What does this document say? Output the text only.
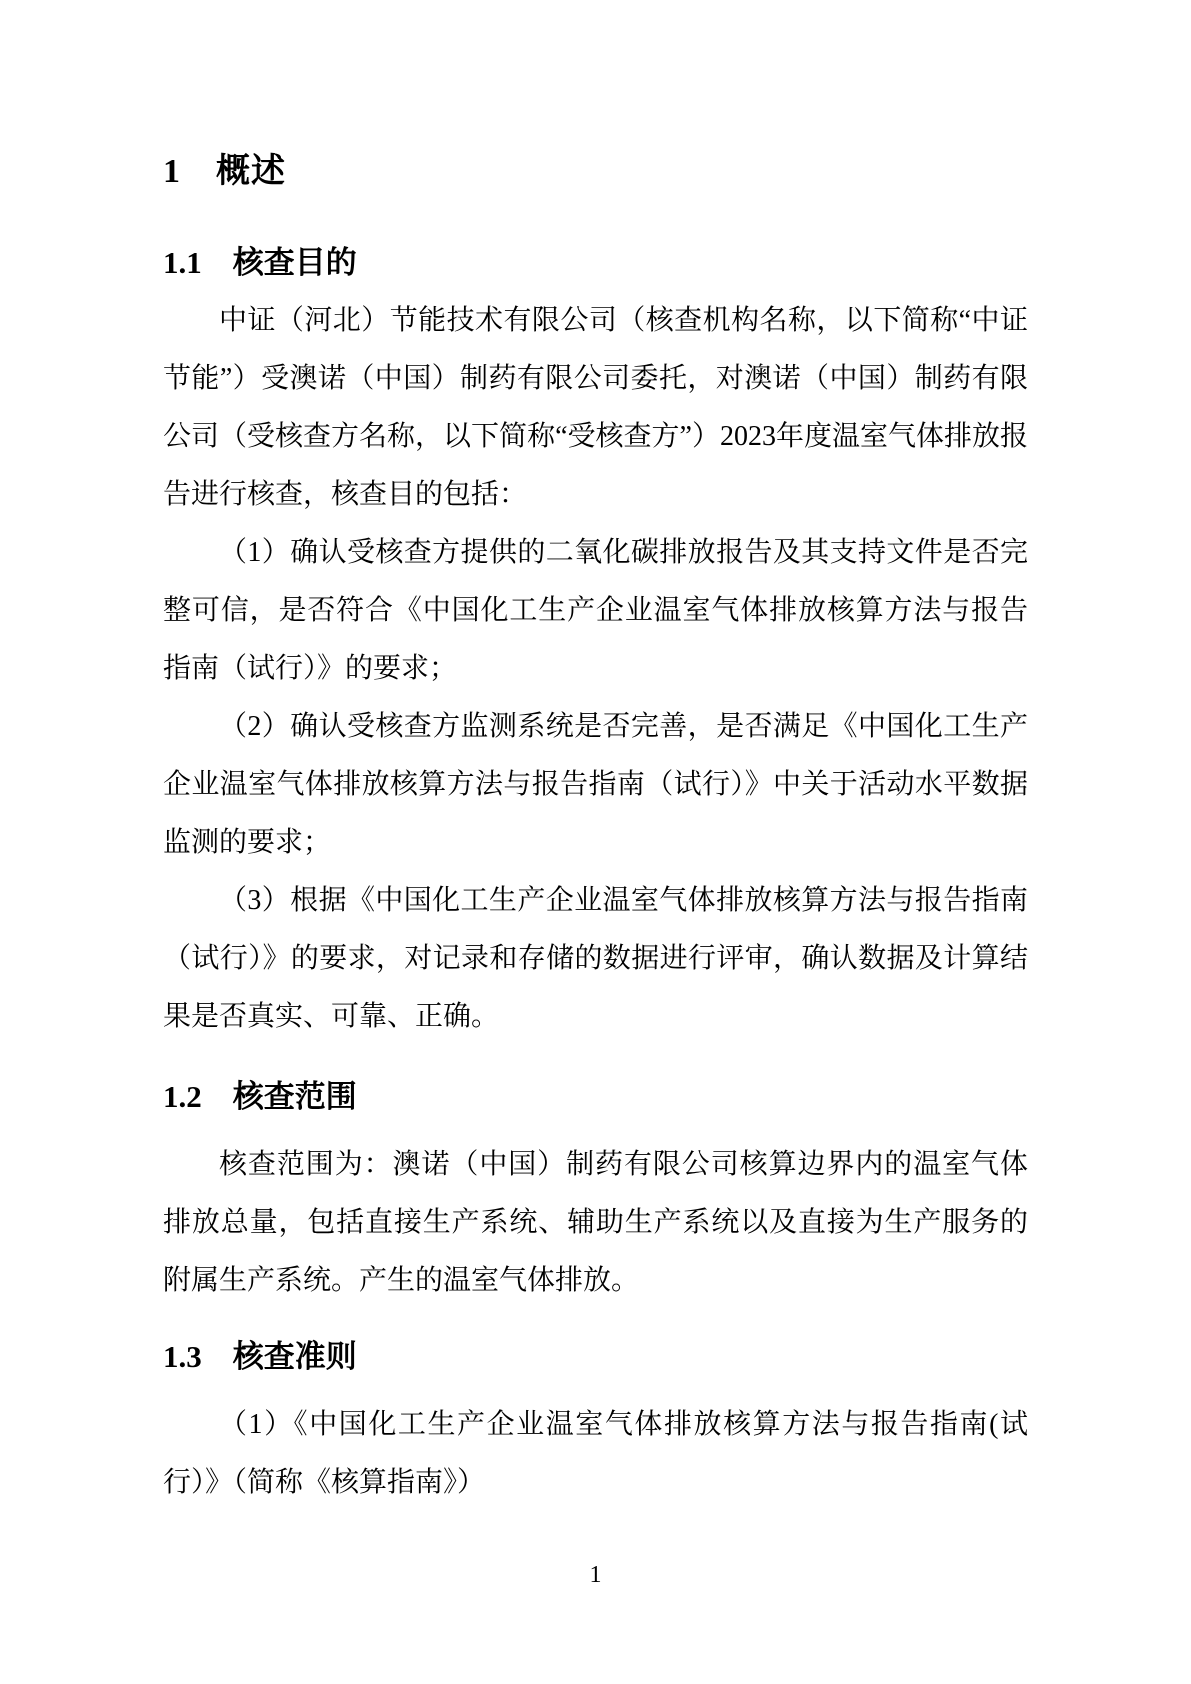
1　概述
1.1　核查目的

中证（河北）节能技术有限公司（核查机构名称，以下简称“中证节能”）受澳诺（中国）制药有限公司委托，对澳诺（中国）制药有限公司（受核查方名称，以下简称“受核查方”）2023年度温室气体排放报告进行核查，核查目的包括：

（1）确认受核查方提供的二氧化碳排放报告及其支持文件是否完整可信，是否符合《中国化工生产企业温室气体排放核算方法与报告指南（试行）》的要求；

（2）确认受核查方监测系统是否完善，是否满足《中国化工生产企业温室气体排放核算方法与报告指南（试行）》中关于活动水平数据监测的要求；

（3）根据《中国化工生产企业温室气体排放核算方法与报告指南（试行）》的要求，对记录和存储的数据进行评审，确认数据及计算结果是否真实、可靠、正确。

1.2　核查范围

核查范围为：澳诺（中国）制药有限公司核算边界内的温室气体排放总量，包括直接生产系统、辅助生产系统以及直接为生产服务的附属生产系统。产生的温室气体排放。

1.3　核查准则

（1）《中国化工生产企业温室气体排放核算方法与报告指南(试行）》（简称《核算指南》）

1
